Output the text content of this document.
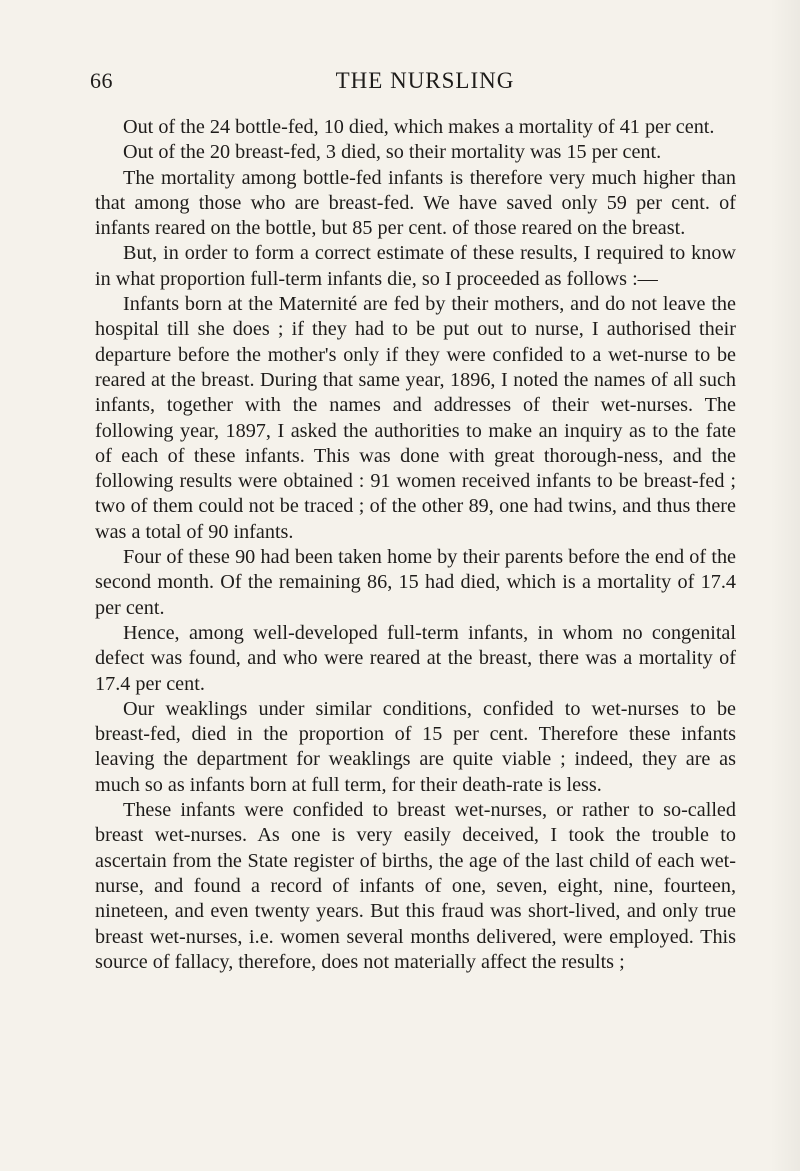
66	THE NURSLING

Out of the 24 bottle-fed, 10 died, which makes a mortality of 41 per cent.

Out of the 20 breast-fed, 3 died, so their mortality was 15 per cent.

The mortality among bottle-fed infants is therefore very much higher than that among those who are breast-fed. We have saved only 59 per cent. of infants reared on the bottle, but 85 per cent. of those reared on the breast.

But, in order to form a correct estimate of these results, I required to know in what proportion full-term infants die, so I proceeded as follows :—

Infants born at the Maternité are fed by their mothers, and do not leave the hospital till she does ; if they had to be put out to nurse, I authorised their departure before the mother's only if they were confided to a wet-nurse to be reared at the breast. During that same year, 1896, I noted the names of all such infants, together with the names and addresses of their wet-nurses. The following year, 1897, I asked the authorities to make an inquiry as to the fate of each of these infants. This was done with great thorough-ness, and the following results were obtained : 91 women received infants to be breast-fed ; two of them could not be traced ; of the other 89, one had twins, and thus there was a total of 90 infants.

Four of these 90 had been taken home by their parents before the end of the second month. Of the remaining 86, 15 had died, which is a mortality of 17.4 per cent.

Hence, among well-developed full-term infants, in whom no congenital defect was found, and who were reared at the breast, there was a mortality of 17.4 per cent.

Our weaklings under similar conditions, confided to wet-nurses to be breast-fed, died in the proportion of 15 per cent. Therefore these infants leaving the department for weaklings are quite viable ; indeed, they are as much so as infants born at full term, for their death-rate is less.

These infants were confided to breast wet-nurses, or rather to so-called breast wet-nurses. As one is very easily deceived, I took the trouble to ascertain from the State register of births, the age of the last child of each wet-nurse, and found a record of infants of one, seven, eight, nine, fourteen, nineteen, and even twenty years. But this fraud was short-lived, and only true breast wet-nurses, i.e. women several months delivered, were employed. This source of fallacy, therefore, does not materially affect the results ;
